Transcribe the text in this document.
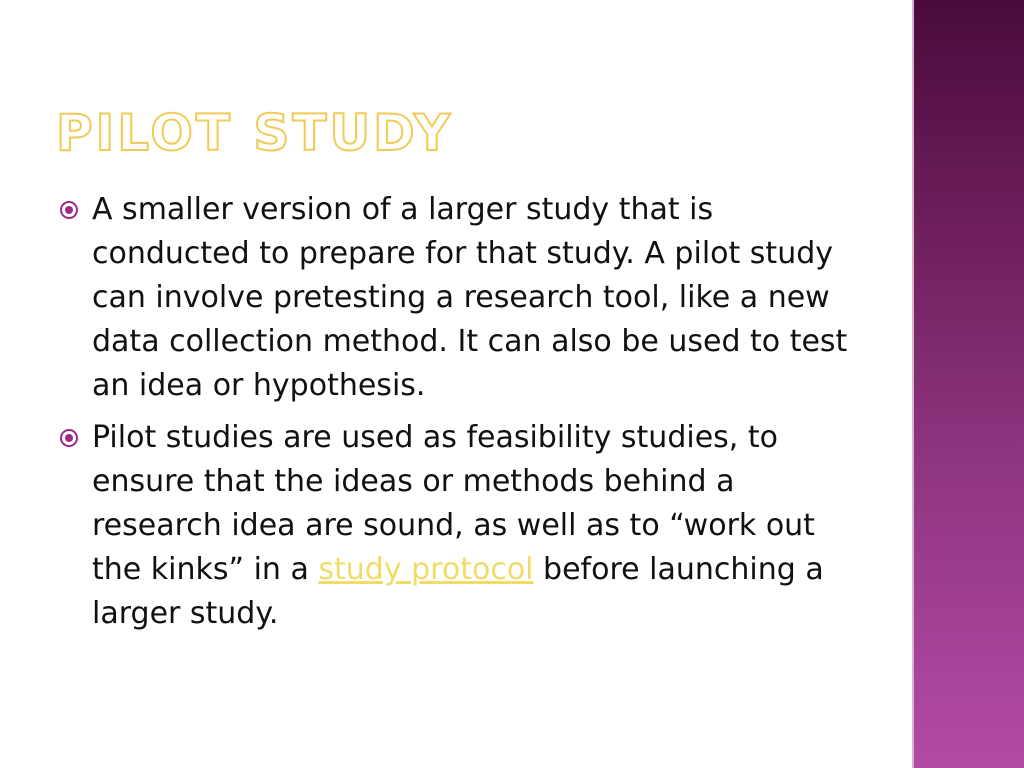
PILOT STUDY
A smaller version of a larger study that is conducted to prepare for that study. A pilot study can involve pretesting a research tool, like a new data collection method. It can also be used to test an idea or hypothesis.
Pilot studies are used as feasibility studies, to ensure that the ideas or methods behind a research idea are sound, as well as to “work out the kinks” in a study protocol before launching a larger study.
